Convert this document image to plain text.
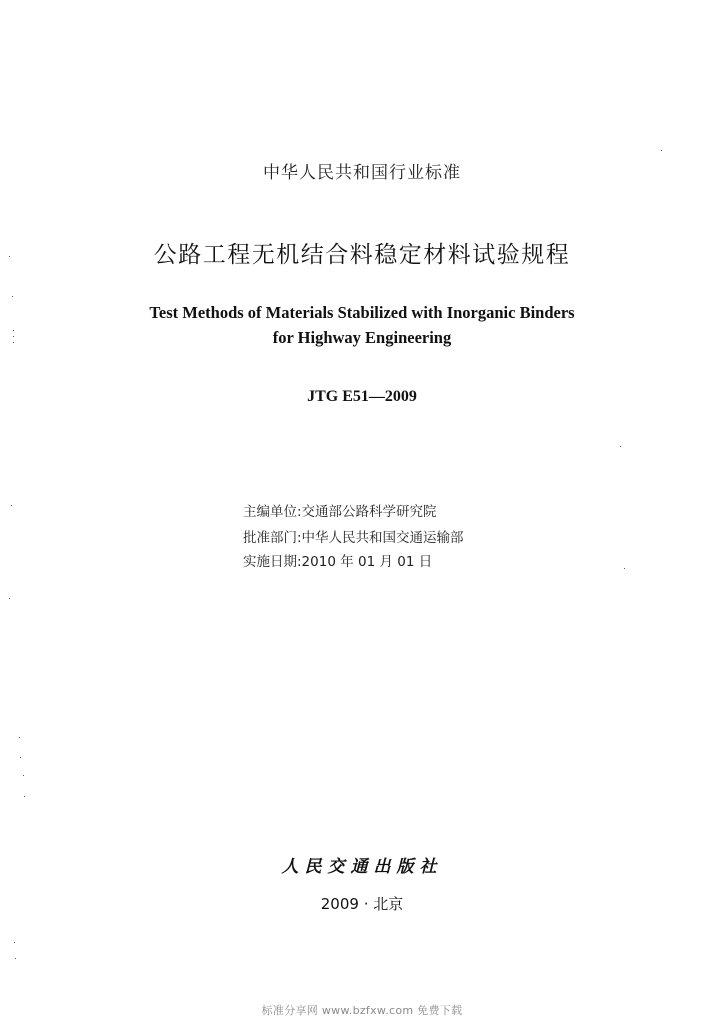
中华人民共和国行业标准
公路工程无机结合料稳定材料试验规程
Test Methods of Materials Stabilized with Inorganic Binders
for Highway Engineering
JTG E51—2009
主编单位:交通部公路科学研究院
批准部门:中华人民共和国交通运输部
实施日期:2010 年 01 月 01 日
人民交通出版社
2009 · 北京
标准分享网 www.bzfxw.com 免费下载
